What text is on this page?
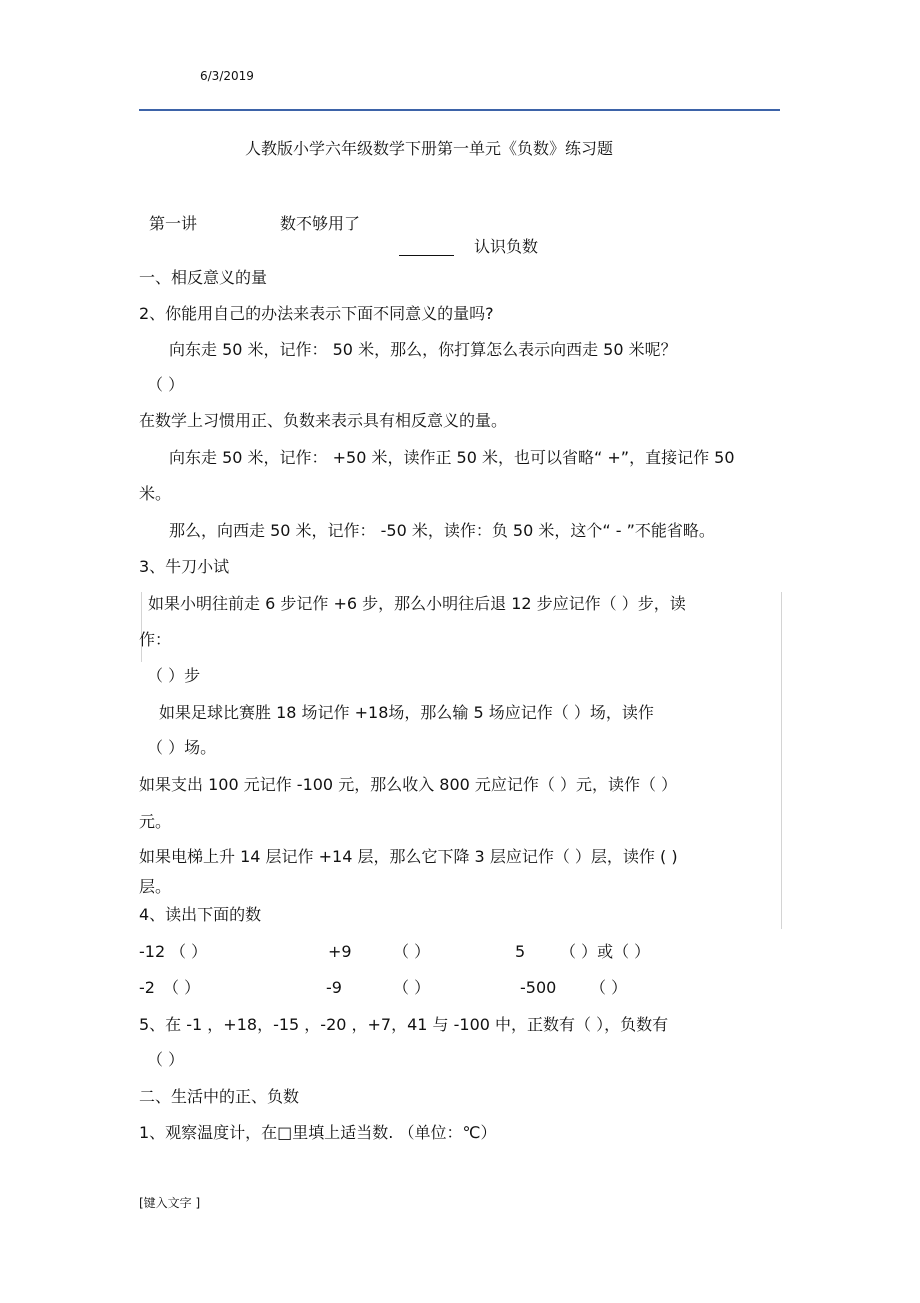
6/3/2019
人教版小学六年级数学下册第一单元《负数》练习题
第一讲	数不够用了
认识负数
一、相反意义的量
2、你能用自己的办法来表示下面不同意义的量吗?
向东走 50 米，记作： 50 米，那么，你打算怎么表示向西走 50 米呢？
（ ）
在数学上习惯用正、负数来表示具有相反意义的量。
向东走 50 米，记作： +50 米，读作正 50 米，也可以省略“ +”，直接记作 50
米。
那么，向西走 50 米，记作： -50 米，读作：负 50 米，这个“ - ”不能省略。
3、牛刀小试
如果小明往前走 6 步记作 +6 步，那么小明往后退 12 步应记作（ ）步，读
作：
（ ）步
如果足球比赛胜 18 场记作 +18场，那么输 5 场应记作（ ）场，读作
（ ）场。
如果支出 100 元记作 -100 元，那么收入 800 元应记作（ ）元，读作（ ）
元。
如果电梯上升 14 层记作 +14 层，那么它下降 3 层应记作（ ）层，读作 ( )
层。
4、读出下面的数
-12 （ ）	+9	（ ）	5 （ ）或（ ）
-2 （ ）	-9	（ ）	-500 （ ）
5、在 -1 ，+18，-15 ，-20 ，+7，41 与 -100 中，正数有（ ），负数有
（ ）
二、生活中的正、负数
1、观察温度计，在□里填上适当数. （单位：℃）
[键入文字 ]
